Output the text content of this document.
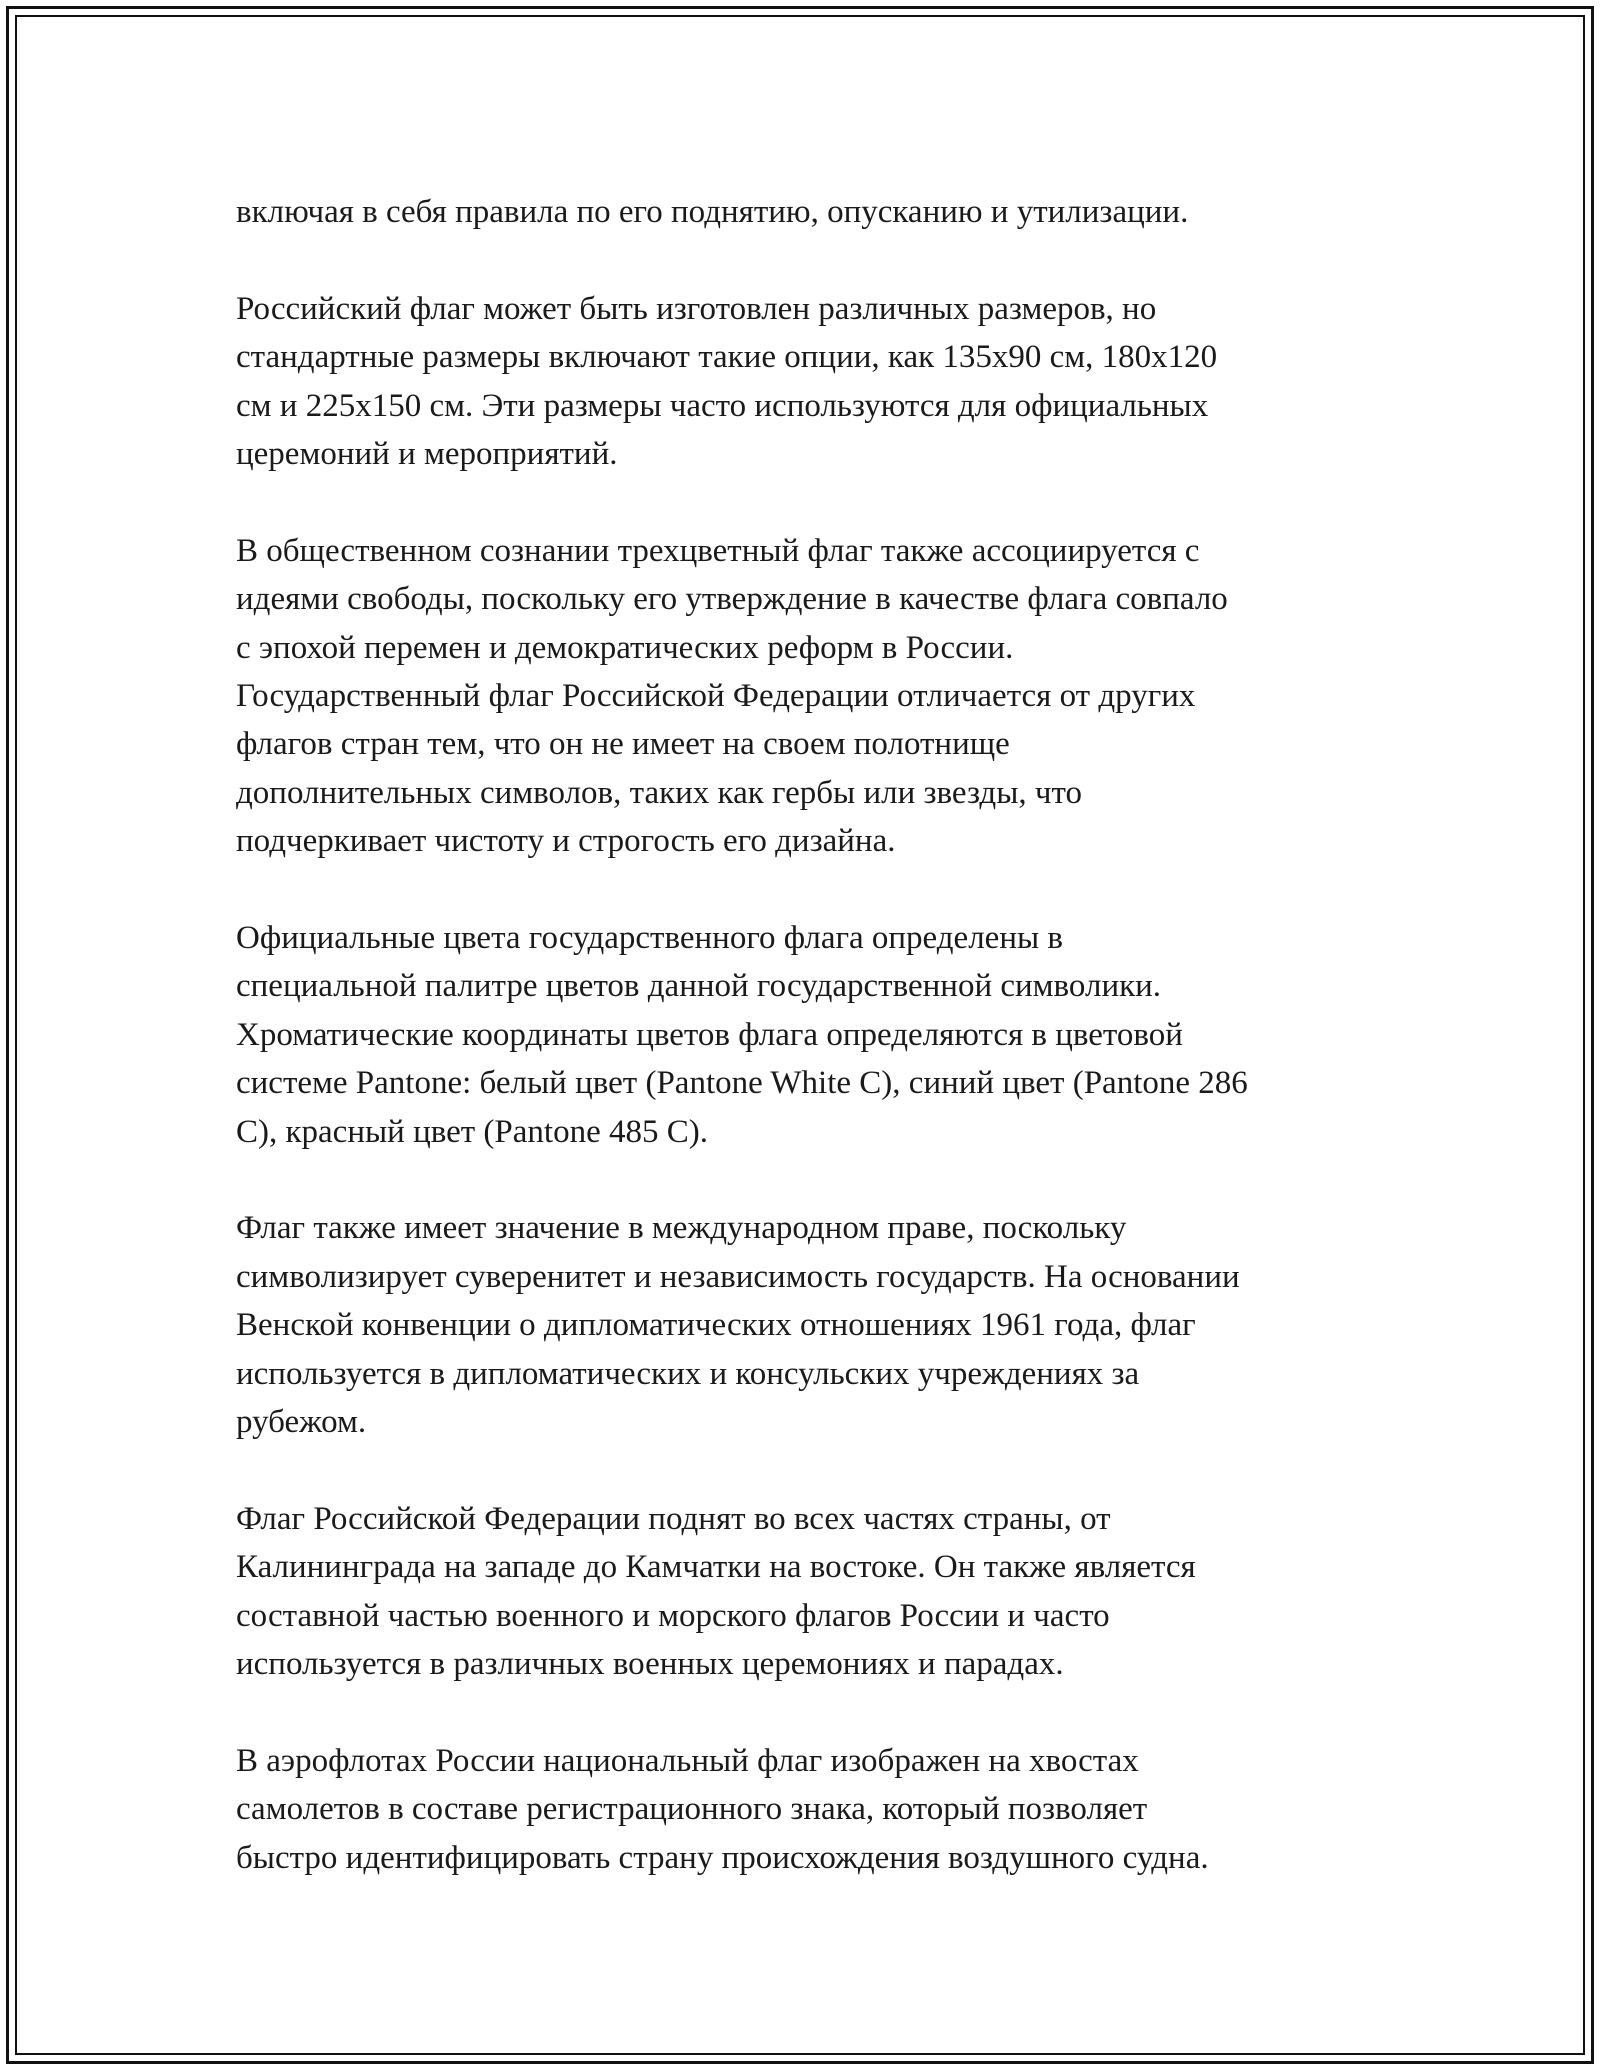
включая в себя правила по его поднятию, опусканию и утилизации.

Российский флаг может быть изготовлен различных размеров, но
стандартные размеры включают такие опции, как 135x90 см, 180x120
см и 225x150 см. Эти размеры часто используются для официальных
церемоний и мероприятий.

В общественном сознании трехцветный флаг также ассоциируется с
идеями свободы, поскольку его утверждение в качестве флага совпало
с эпохой перемен и демократических реформ в России.
Государственный флаг Российской Федерации отличается от других
флагов стран тем, что он не имеет на своем полотнище
дополнительных символов, таких как гербы или звезды, что
подчеркивает чистоту и строгость его дизайна.

Официальные цвета государственного флага определены в
специальной палитре цветов данной государственной символики.
Хроматические координаты цветов флага определяются в цветовой
системе Pantone: белый цвет (Pantone White C), синий цвет (Pantone 286
C), красный цвет (Pantone 485 C).

Флаг также имеет значение в международном праве, поскольку
символизирует суверенитет и независимость государств. На основании
Венской конвенции о дипломатических отношениях 1961 года, флаг
используется в дипломатических и консульских учреждениях за
рубежом.

Флаг Российской Федерации поднят во всех частях страны, от
Калининграда на западе до Камчатки на востоке. Он также является
составной частью военного и морского флагов России и часто
используется в различных военных церемониях и парадах.

В аэрофлотах России национальный флаг изображен на хвостах
самолетов в составе регистрационного знака, который позволяет
быстро идентифицировать страну происхождения воздушного судна.
